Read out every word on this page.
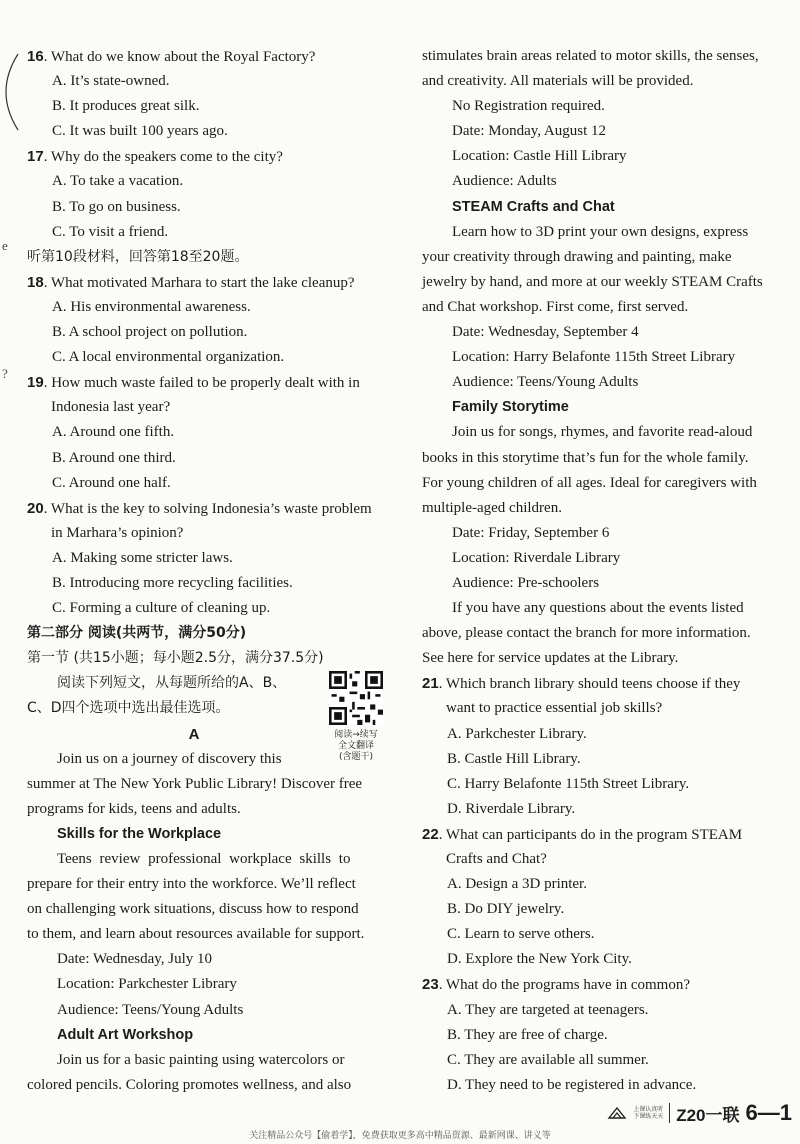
e
?
16. What do we know about the Royal Factory?
A. It’s state-owned.
B. It produces great silk.
C. It was built 100 years ago.
17. Why do the speakers come to the city?
A. To take a vacation.
B. To go on business.
C. To visit a friend.
听第10段材料，回答第18至20题。
18. What motivated Marhara to start the lake cleanup?
A. His environmental awareness.
B. A school project on pollution.
C. A local environmental organization.
19. How much waste failed to be properly dealt with in
Indonesia last year?
A. Around one fifth.
B. Around one third.
C. Around one half.
20. What is the key to solving Indonesia’s waste problem
in Marhara’s opinion?
A. Making some stricter laws.
B. Introducing more recycling facilities.
C. Forming a culture of cleaning up.
第二部分 阅读(共两节，满分50分)
第一节 (共15小题；每小题2.5分，满分37.5分)
阅读下列短文，从每题所给的A、B、
C、D四个选项中选出最佳选项。
A	阅读→续写
全文翻译
(含题干)
Join us on a journey of discovery this
summer at The New York Public Library! Discover free
programs for kids, teens and adults.
Skills for the Workplace
Teens review professional workplace skills to
prepare for their entry into the workforce. We’ll reflect
on challenging work situations, discuss how to respond
to them, and learn about resources available for support.
Date: Wednesday, July 10
Location: Parkchester Library
Audience: Teens/Young Adults
Adult Art Workshop
Join us for a basic painting using watercolors or
colored pencils. Coloring promotes wellness, and also
stimulates brain areas related to motor skills, the senses,
and creativity. All materials will be provided.
No Registration required.
Date: Monday, August 12
Location: Castle Hill Library
Audience: Adults
STEAM Crafts and Chat
Learn how to 3D print your own designs, express
your creativity through drawing and painting, make
jewelry by hand, and more at our weekly STEAM Crafts
and Chat workshop. First come, first served.
Date: Wednesday, September 4
Location: Harry Belafonte 115th Street Library
Audience: Teens/Young Adults
Family Storytime
Join us for songs, rhymes, and favorite read-aloud
books in this storytime that’s fun for the whole family.
For young children of all ages. Ideal for caregivers with
multiple-aged children.
Date: Friday, September 6
Location: Riverdale Library
Audience: Pre-schoolers
If you have any questions about the events listed
above, please contact the branch for more information.
See here for service updates at the Library.
21. Which branch library should teens choose if they
want to practice essential job skills?
A. Parkchester Library.
B. Castle Hill Library.
C. Harry Belafonte 115th Street Library.
D. Riverdale Library.
22. What can participants do in the program STEAM
Crafts and Chat?
A. Design a 3D printer.
B. Do DIY jewelry.
C. Learn to serve others.
D. Explore the New York City.
23. What do the programs have in common?
A. They are targeted at teenagers.
B. They are free of charge.
C. They are available all summer.
D. They need to be registered in advance.
上课认真听
下课练天天 Z20一联 6—1
关注精品公众号【偷着学】，免费获取更多高中精品资源、最新网课、讲义等
